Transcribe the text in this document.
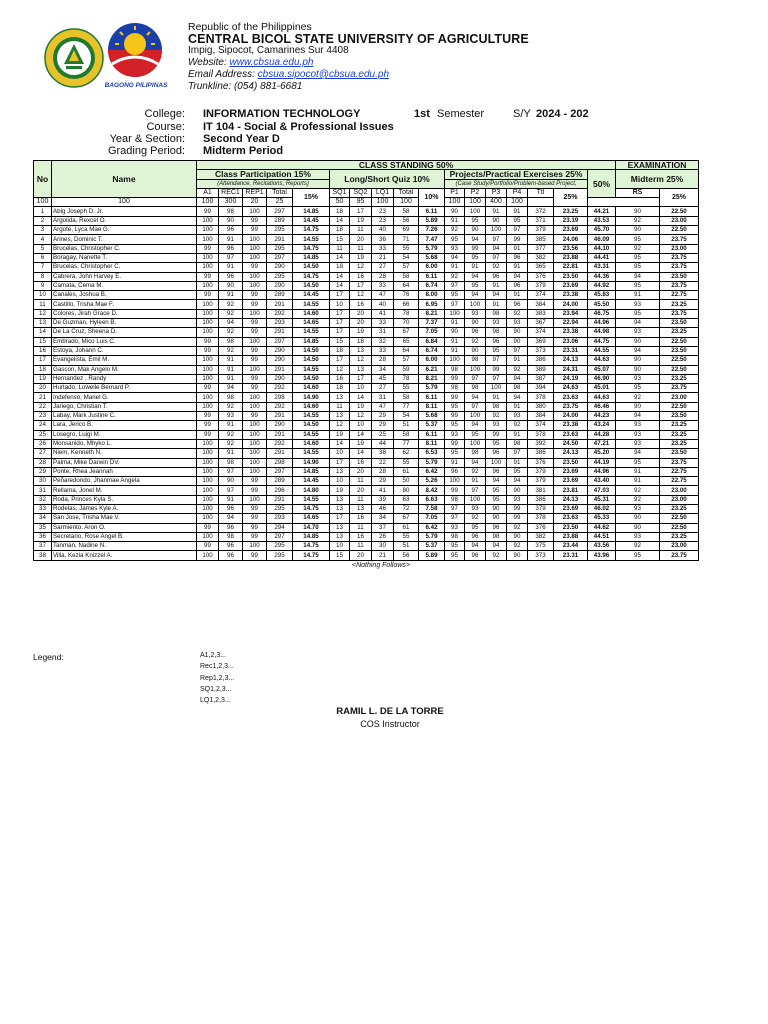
BAGONG PILIPINAS
Republic of the Philippines
CENTRAL BICOL STATE UNIVERSITY OF AGRICULTURE
Impig, Sipocot, Camarines Sur 4408
Website: www.cbsua.edu.ph
Email Address: cbsua.sipocot@cbsua.edu.ph
Trunkline: (054) 881-6681
College: INFORMATION TECHNOLOGY	1st Semester	S/Y 2024 - 202
Course: IT 104 - Social & Professional Issues
Year & Section: Second Year D
Grading Period: Midterm Period
No	Name	CLASS STANDING 50%																	EXAMINATION	
		Class Participation 15%					Long/Short Quiz 10%					Projects/Practical Exercises 25%						50%	Midterm 25%	
		(Attendance, Recitations, Reports)										(Case Study/Portfolio/Problem-based Project,								
		A1	REC1	REP1	Total	15%	SQ1	SQ2	LQ1	Total	10%	P1	P2	P3	P4	Ttl	25%		RS	25%
100	100	100	300	20	25		50	95	100	100		100	100	400	100					
1	Abig Joseph D. Jr.	99	98	100	297	14.85	18	17	23	58	6.11	90	100	91	91	372	23.25	44.21	90	22.50
2	Argolida, Rexcel O.	100	90	99	289	14.45	14	19	23	56	5.89	91	95	90	95	371	23.19	43.53	92	23.00
3	Argote, Lyca Mae G.	100	96	99	295	14.75	18	11	40	69	7.26	92	90	100	97	379	23.69	45.70	90	22.50
4	Arines, Dominic T.	100	91	100	291	14.55	15	20	36	71	7.47	95	94	97	99	385	24.06	46.09	95	23.75
5	Brucelas, Christopher C.	99	96	100	295	14.75	11	11	33	55	5.79	93	99	94	91	377	23.56	44.10	92	23.00
6	Boragay, Nanette T.	100	97	100	297	14.85	14	19	21	54	5.68	94	95	97	96	382	23.88	44.41	95	23.75
7	Brucelas, Christopher C.	100	91	99	290	14.50	18	12	27	57	6.00	91	91	92	91	365	22.81	43.31	95	23.75
8	Cabrera, John Harvey E.	99	96	100	295	14.75	14	16	28	58	6.11	92	94	96	94	376	23.50	44.36	94	23.50
9	Camata, Cema M.	100	90	100	290	14.50	14	17	33	64	6.74	97	95	91	96	379	23.69	44.92	95	23.75
10	Canales, Joshua B.	99	91	99	289	14.45	17	12	47	76	8.00	95	94	94	91	374	23.38	45.83	91	22.75
11	Castillo, Trisha Mae F.	100	92	99	291	14.55	10	16	40	66	6.95	97	100	91	96	384	24.00	45.50	93	23.25
12	Colores, Jirah Grace D.	100	92	100	292	14.60	17	20	41	78	8.21	100	93	98	92	383	23.94	46.75	95	23.75
13	De Guzman, Hyleen B.	100	94	99	293	14.65	17	20	33	70	7.37	91	90	93	93	367	22.94	44.96	94	23.50
14	De La Cruz, Sheena D.	100	92	99	291	14.55	17	19	31	67	7.05	90	96	98	90	374	23.38	44.98	93	23.25
15	Embrado, Mico Luis C.	99	98	100	297	14.85	15	18	32	65	6.84	91	92	96	90	369	23.06	44.75	90	22.50
16	Estoya, Johann C.	99	92	99	290	14.50	18	13	33	64	6.74	91	90	95	97	373	23.31	44.55	94	23.50
17	Evangelista, Emil M.	100	91	99	290	14.50	17	12	28	57	6.00	100	98	97	91	386	24.13	44.63	90	22.50
18	Gascon, Mak Angelo M.	100	91	100	291	14.55	12	13	34	59	6.21	98	100	99	92	389	24.31	45.07	90	22.50
19	Hernandez , Randy	100	91	99	290	14.50	16	17	45	78	8.21	99	97	97	94	387	24.19	46.90	93	23.25
20	Hurtado, Lowelle Bernard P.	99	94	99	292	14.60	18	10	27	55	5.79	98	98	100	98	394	24.63	45.01	95	23.75
21	Indefenso, Mariel G.	100	98	100	298	14.90	13	14	31	58	6.11	99	94	91	94	378	23.63	44.63	92	23.00
22	Jariego, Christian T.	100	92	100	292	14.60	11	19	47	77	8.11	95	97	98	91	380	23.75	46.46	90	22.50
23	Labay, Mark Justine C.	99	93	99	291	14.55	13	12	29	54	5.68	99	100	92	93	384	24.00	44.23	94	23.50
24	Lara, Jerico B.	99	91	100	290	14.50	12	10	29	51	5.37	95	94	93	92	374	23.38	43.24	93	23.25
25	Losegro, Luigi M.	99	92	100	291	14.55	19	14	25	58	6.11	93	95	99	91	378	23.63	44.28	93	23.25
26	Monsanido, Mhyko L.	100	92	100	292	14.60	14	19	44	77	8.11	99	100	95	98	392	24.50	47.21	93	23.25
27	Niem, Kenneth N.	100	91	100	291	14.55	10	14	38	62	6.53	95	98	96	97	386	24.13	45.20	94	23.50
28	Palma, Mike Darwin DV.	100	98	100	298	14.90	17	16	22	55	5.79	91	94	100	91	376	23.50	44.19	95	23.75
29	Ponte, Rhea Jeannah	100	97	100	297	14.85	13	20	28	61	6.42	96	92	96	95	379	23.69	44.96	91	22.75
30	Peñaredondo, Jhanmae Angela	100	90	99	289	14.45	10	11	29	50	5.26	100	91	94	94	379	23.69	43.40	91	22.75
31	Rellama, Jonel M.	100	97	99	296	14.80	19	20	41	80	8.42	99	97	95	90	381	23.81	47.03	92	23.00
32	Roda, Princes Kyla S.	100	91	100	291	14.55	13	11	39	63	6.63	98	100	95	93	386	24.13	45.31	92	23.00
33	Rodelas, James Kyle A.	100	96	99	295	14.75	13	13	46	72	7.58	97	93	90	99	379	23.69	46.02	93	23.25
34	San Jose, Trisha Mae V.	100	94	99	293	14.65	17	16	34	67	7.05	97	92	90	99	378	23.63	45.33	90	22.50
35	Sarmiento, Aron O.	99	96	99	294	14.70	13	11	37	61	6.42	93	95	96	92	376	23.50	44.62	90	22.50
36	Secretario, Rose Angel B.	100	98	99	297	14.85	13	16	26	55	5.79	98	96	98	90	382	23.88	44.51	93	23.25
37	Tanman, Nadine N.	99	96	100	295	14.75	10	11	30	51	5.37	95	94	94	92	375	23.44	43.56	92	23.00
38	Villa, Kezia Knizzel A.	100	96	99	295	14.75	15	20	21	56	5.89	95	96	92	90	373	23.31	43.96	95	23.75
<Nothing Follows>
Legend:	A1,2,3...
Rec1,2,3...
Rep1,2,3...
SQ1,2,3...
LQ1,2,3...
RAMIL L. DE LA TORRE
COS Instructor
